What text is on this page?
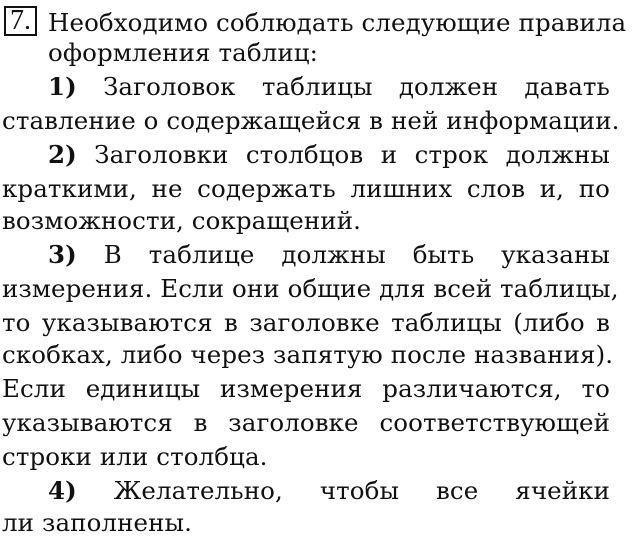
7. Необходимо соблюдать следующие правила
оформления таблиц:
1) Заголовок таблицы должен давать
ставление о содержащейся в ней информации.
2) Заголовки столбцов и строк должны
краткими, не содержать лишних слов и, по
возможности, сокращений.
3) В таблице должны быть указаны
измерения. Если они общие для всей таблицы,
то указываются в заголовке таблицы (либо в
скобках, либо через запятую после названия).
Если единицы измерения различаются, то
указываются в заголовке соответствующей
строки или столбца.
4) Желательно, чтобы все ячейки
ли заполнены.
